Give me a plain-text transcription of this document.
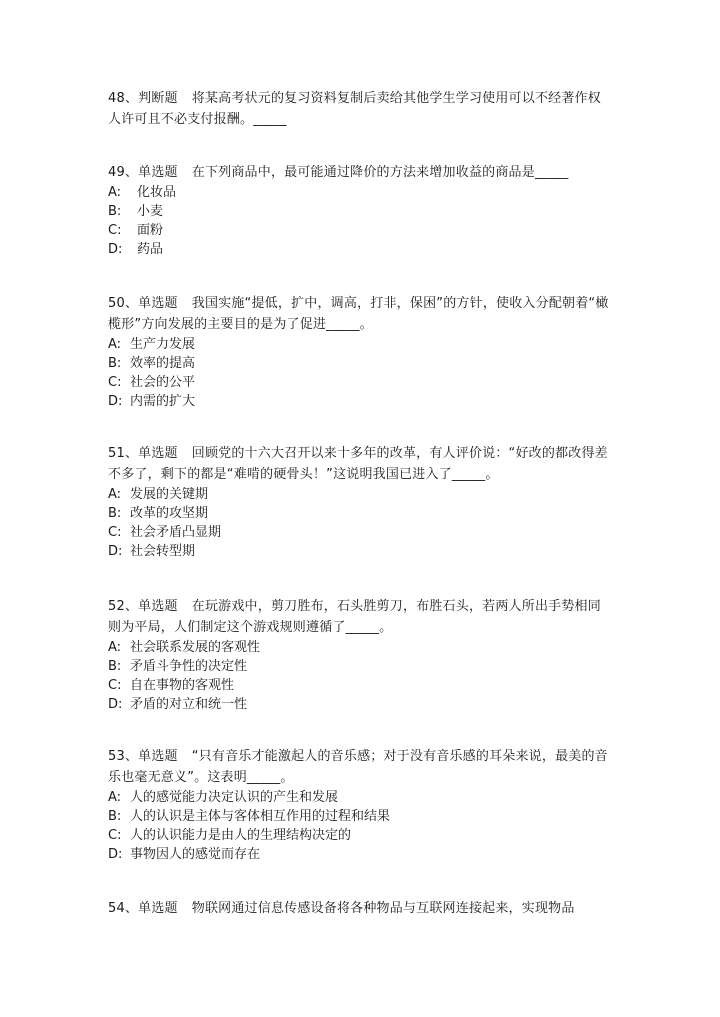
48、判断题 将某高考状元的复习资料复制后卖给其他学生学习使用可以不经著作权人许可且不必支付报酬。_____

49、单选题 在下列商品中，最可能通过降价的方法来增加收益的商品是_____

A: 化妆品
B: 小麦
C: 面粉
D: 药品

50、单选题 我国实施“提低，扩中，调高，打非，保困”的方针，使收入分配朝着“橄榄形”方向发展的主要目的是为了促进_____。

A: 生产力发展
B: 效率的提高
C: 社会的公平
D: 内需的扩大

51、单选题 回顾党的十六大召开以来十多年的改革，有人评价说：“好改的都改得差不多了，剩下的都是“难啃的硬骨头！”这说明我国已进入了_____。

A: 发展的关键期
B: 改革的攻坚期
C: 社会矛盾凸显期
D: 社会转型期

52、单选题 在玩游戏中，剪刀胜布，石头胜剪刀，布胜石头，若两人所出手势相同则为平局，人们制定这个游戏规则遵循了_____。

A: 社会联系发展的客观性
B: 矛盾斗争性的决定性
C: 自在事物的客观性
D: 矛盾的对立和统一性

53、单选题 “只有音乐才能激起人的音乐感；对于没有音乐感的耳朵来说，最美的音乐也毫无意义”。这表明_____。

A: 人的感觉能力决定认识的产生和发展
B: 人的认识是主体与客体相互作用的过程和结果
C: 人的认识能力是由人的生理结构决定的
D: 事物因人的感觉而存在

54、单选题 物联网通过信息传感设备将各种物品与互联网连接起来，实现物品
